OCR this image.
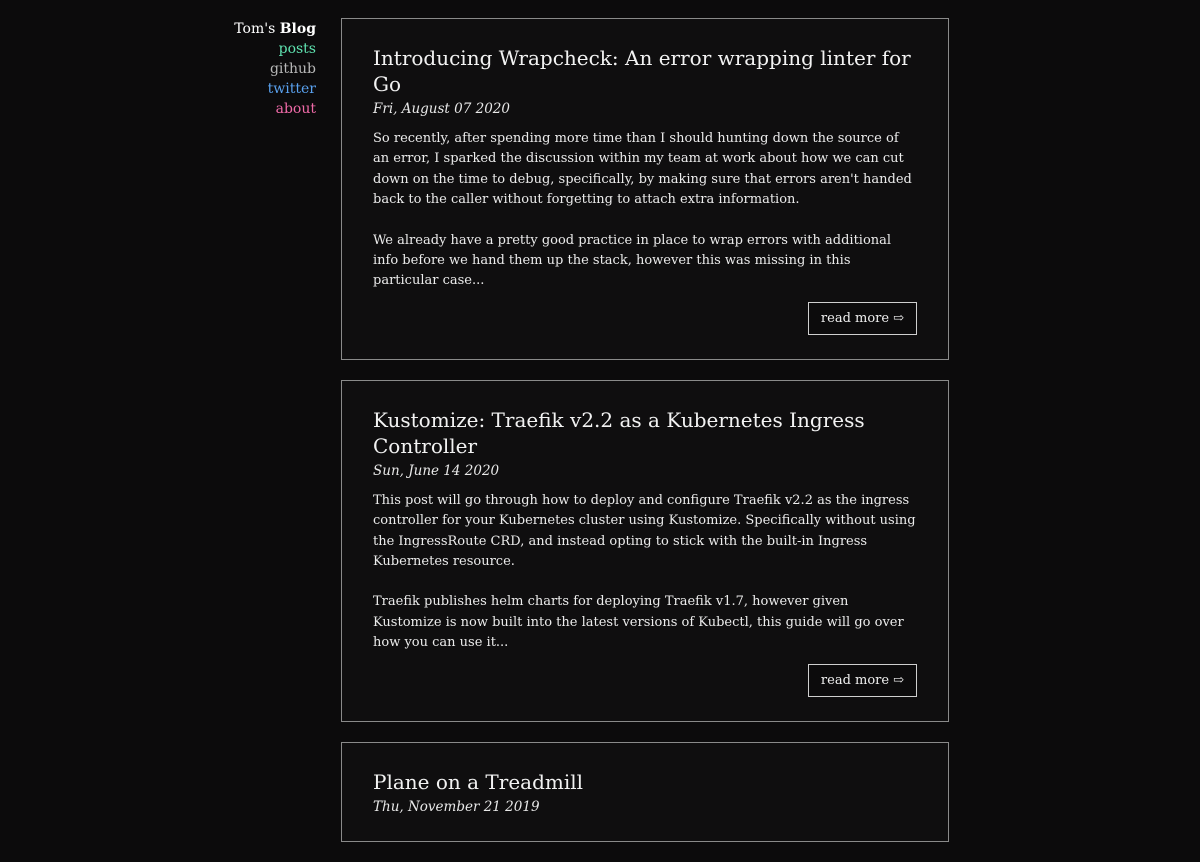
Tom's Blog
posts
github
twitter
about
Introducing Wrapcheck: An error wrapping linter for Go
Fri, August 07 2020

So recently, after spending more time than I should hunting down the source of an error, I sparked the discussion within my team at work about how we can cut down on the time to debug, specifically, by making sure that errors aren't handed back to the caller without forgetting to attach extra information.

We already have a pretty good practice in place to wrap errors with additional info before we hand them up the stack, however this was missing in this particular case...

read more ⇨
Kustomize: Traefik v2.2 as a Kubernetes Ingress Controller
Sun, June 14 2020

This post will go through how to deploy and configure Traefik v2.2 as the ingress controller for your Kubernetes cluster using Kustomize. Specifically without using the IngressRoute CRD, and instead opting to stick with the built-in Ingress Kubernetes resource.

Traefik publishes helm charts for deploying Traefik v1.7, however given Kustomize is now built into the latest versions of Kubectl, this guide will go over how you can use it...

read more ⇨
Plane on a Treadmill
Thu, November 21 2019
